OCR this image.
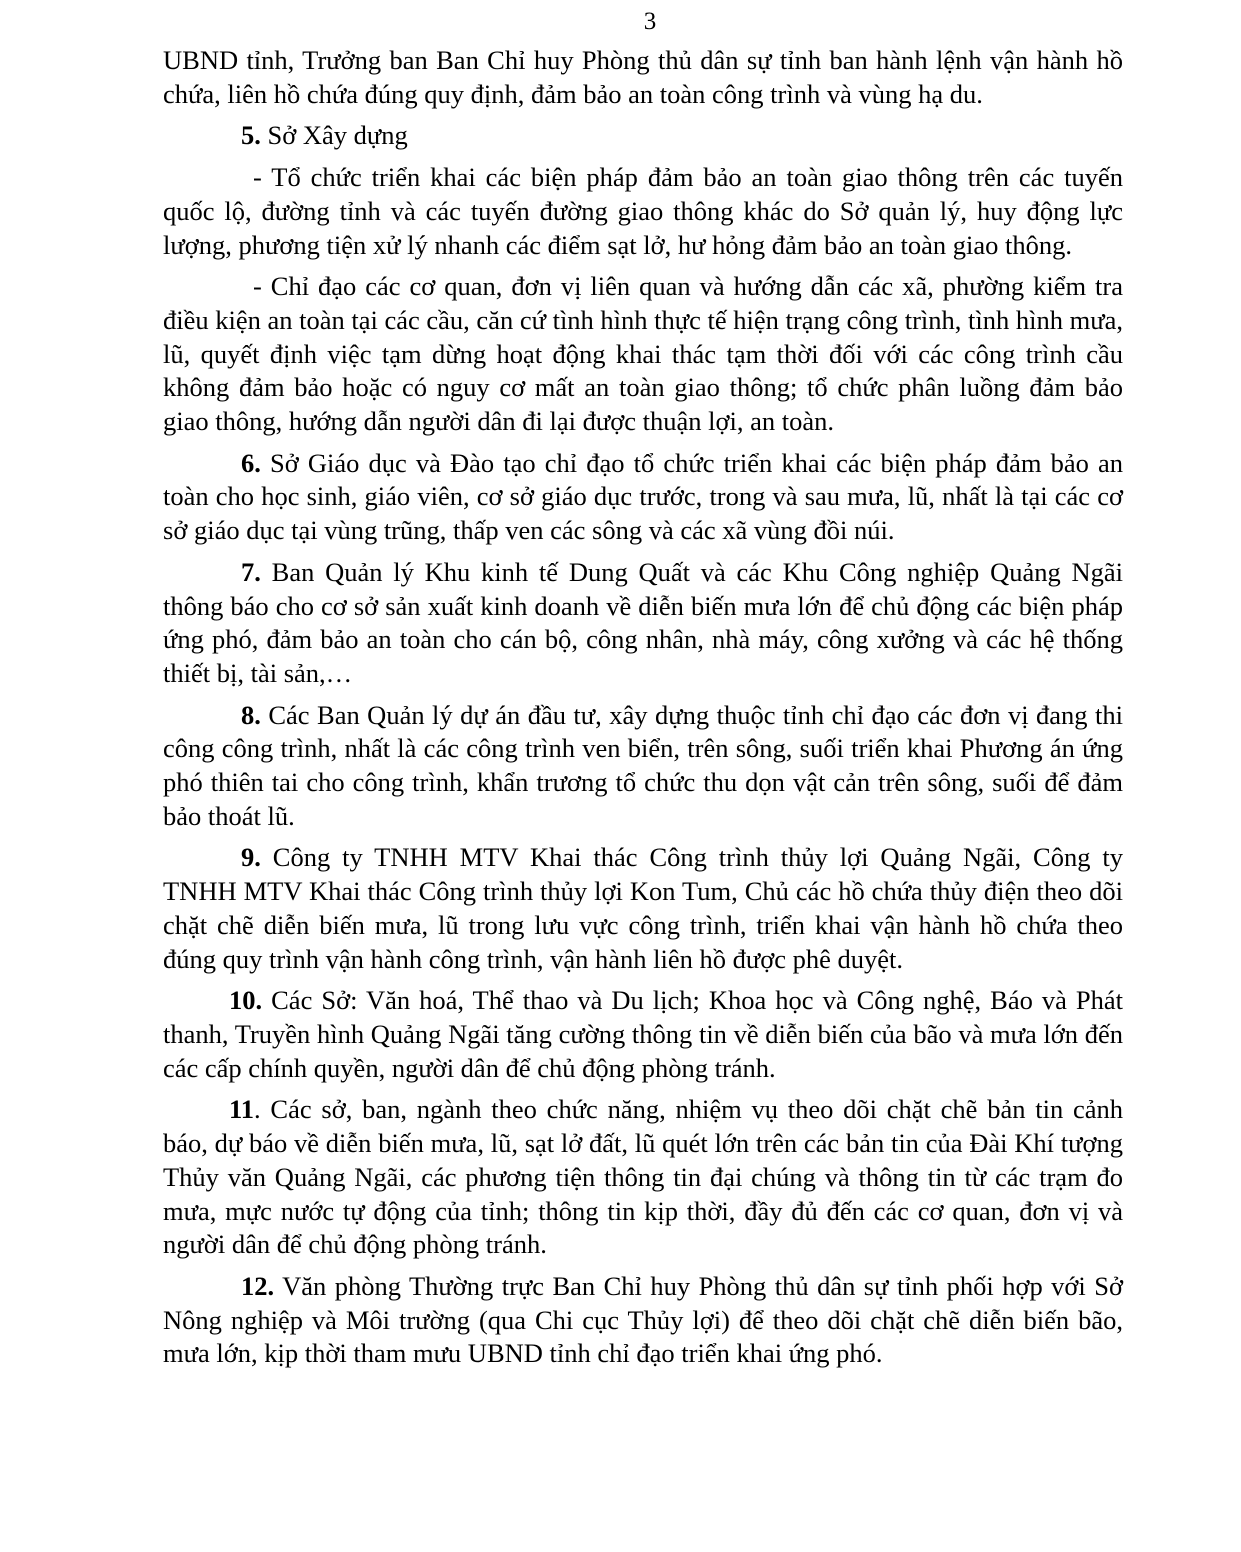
3

UBND tỉnh, Trưởng ban Ban Chỉ huy Phòng thủ dân sự tỉnh ban hành lệnh vận hành hồ chứa, liên hồ chứa đúng quy định, đảm bảo an toàn công trình và vùng hạ du.

5. Sở Xây dựng

- Tổ chức triển khai các biện pháp đảm bảo an toàn giao thông trên các tuyến quốc lộ, đường tỉnh và các tuyến đường giao thông khác do Sở quản lý, huy động lực lượng, phương tiện xử lý nhanh các điểm sạt lở, hư hỏng đảm bảo an toàn giao thông.

- Chỉ đạo các cơ quan, đơn vị liên quan và hướng dẫn các xã, phường kiểm tra điều kiện an toàn tại các cầu, căn cứ tình hình thực tế hiện trạng công trình, tình hình mưa, lũ, quyết định việc tạm dừng hoạt động khai thác tạm thời đối với các công trình cầu không đảm bảo hoặc có nguy cơ mất an toàn giao thông; tổ chức phân luồng đảm bảo giao thông, hướng dẫn người dân đi lại được thuận lợi, an toàn.

6. Sở Giáo dục và Đào tạo chỉ đạo tổ chức triển khai các biện pháp đảm bảo an toàn cho học sinh, giáo viên, cơ sở giáo dục trước, trong và sau mưa, lũ, nhất là tại các cơ sở giáo dục tại vùng trũng, thấp ven các sông và các xã vùng đồi núi.

7. Ban Quản lý Khu kinh tế Dung Quất và các Khu Công nghiệp Quảng Ngãi thông báo cho cơ sở sản xuất kinh doanh về diễn biến mưa lớn để chủ động các biện pháp ứng phó, đảm bảo an toàn cho cán bộ, công nhân, nhà máy, công xưởng và các hệ thống thiết bị, tài sản,…

8. Các Ban Quản lý dự án đầu tư, xây dựng thuộc tỉnh chỉ đạo các đơn vị đang thi công công trình, nhất là các công trình ven biển, trên sông, suối triển khai Phương án ứng phó thiên tai cho công trình, khẩn trương tổ chức thu dọn vật cản trên sông, suối để đảm bảo thoát lũ.

9. Công ty TNHH MTV Khai thác Công trình thủy lợi Quảng Ngãi, Công ty TNHH MTV Khai thác Công trình thủy lợi Kon Tum, Chủ các hồ chứa thủy điện theo dõi chặt chẽ diễn biến mưa, lũ trong lưu vực công trình, triển khai vận hành hồ chứa theo đúng quy trình vận hành công trình, vận hành liên hồ được phê duyệt.

10. Các Sở: Văn hoá, Thể thao và Du lịch; Khoa học và Công nghệ, Báo và Phát thanh, Truyền hình Quảng Ngãi tăng cường thông tin về diễn biến của bão và mưa lớn đến các cấp chính quyền, người dân để chủ động phòng tránh.

11. Các sở, ban, ngành theo chức năng, nhiệm vụ theo dõi chặt chẽ bản tin cảnh báo, dự báo về diễn biến mưa, lũ, sạt lở đất, lũ quét lớn trên các bản tin của Đài Khí tượng Thủy văn Quảng Ngãi, các phương tiện thông tin đại chúng và thông tin từ các trạm đo mưa, mực nước tự động của tỉnh; thông tin kịp thời, đầy đủ đến các cơ quan, đơn vị và người dân để chủ động phòng tránh.

12. Văn phòng Thường trực Ban Chỉ huy Phòng thủ dân sự tỉnh phối hợp với Sở Nông nghiệp và Môi trường (qua Chi cục Thủy lợi) để theo dõi chặt chẽ diễn biến bão, mưa lớn, kịp thời tham mưu UBND tỉnh chỉ đạo triển khai ứng phó.
